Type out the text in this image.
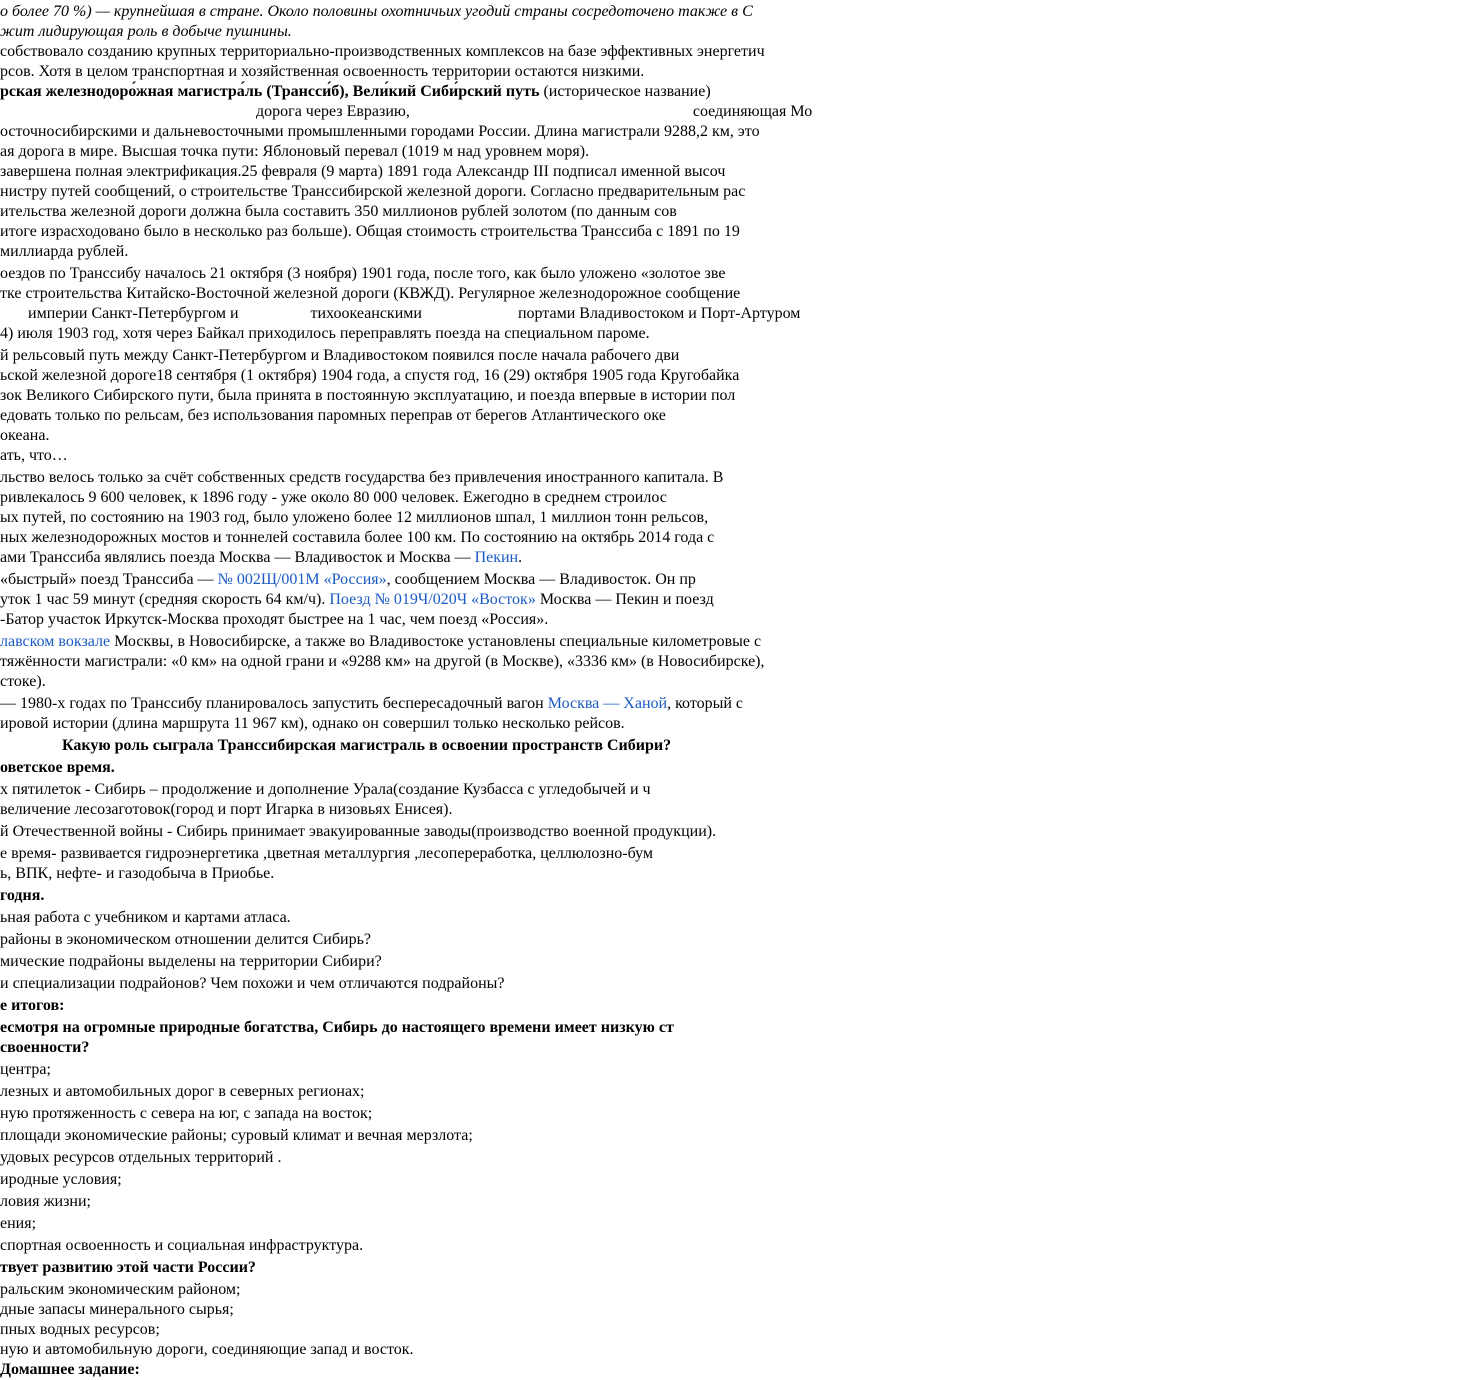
о более 70 %) — крупнейшая в стране. Около половины охотничьих угодий страны сосредоточено также в С
жит лидирующая роль в добыче пушнины.
собствовало созданию крупных территориально-производственных комплексов на базе эффективных энергетич
рсов. Хотя в целом транспортная и хозяйственная освоенность территории остаются низкими.
рская железнодоро́жная магистра́ль (Трансси́б), Вели́кий Сиби́рский путь (историческое название)
дорога через Евразию,	соединяющая Мо
осточносибирскими и дальневосточными промышленными городами России. Длина магистрали 9288,2 км, это
ая дорога в мире. Высшая точка пути: Яблоновый перевал (1019 м над уровнем моря).
завершена полная электрификация.25 февраля (9 марта) 1891 года Александр III подписал именной высоч
нистру путей сообщений, о строительстве Транссибирской железной дороги. Согласно предварительным рас
ительства железной дороги должна была составить 350 миллионов рублей золотом (по данным сов
итоге израсходовано было в несколько раз больше). Общая стоимость строительства Транссиба с 1891 по 19
миллиарда рублей.
оездов по Транссибу началось 21 октября (3 ноября) 1901 года, после того, как было уложено «золотое зве
тке строительства Китайско-Восточной железной дороги (КВЖД). Регулярное железнодорожное сообщение
империи Санкт-Петербургом и	тихоокеанскими	портами Владивостоком и Порт-Артуром
4) июля 1903 год, хотя через Байкал приходилось переправлять поезда на специальном пароме.
й рельсовый путь между Санкт-Петербургом и Владивостоком появился после начала рабочего дви
ьской железной дороге18 сентября (1 октября) 1904 года, а спустя год, 16 (29) октября 1905 года Кругобайка
зок Великого Сибирского пути, была принята в постоянную эксплуатацию, и поезда впервые в истории пол
едовать только по рельсам, без использования паромных переправ от берегов Атлантического оке
океана.
ать, что…
льство велось только за счёт собственных средств государства без привлечения иностранного капитала. В
ривлекалось 9 600 человек, к 1896 году - уже около 80 000 человек. Ежегодно в среднем строилос
ых путей, по состоянию на 1903 год, было уложено более 12 миллионов шпал, 1 миллион тонн рельсов,
ных железнодорожных мостов и тоннелей составила более 100 км. По состоянию на октябрь 2014 года с
ами Транссиба являлись поезда Москва — Владивосток и Москва — Пекин.
«быстрый» поезд Транссиба — № 002Щ/001М «Россия», сообщением Москва — Владивосток. Он пр
уток 1 час 59 минут (средняя скорость 64 км/ч). Поезд № 019Ч/020Ч «Восток» Москва — Пекин и поезд
-Батор участок Иркутск-Москва проходят быстрее на 1 час, чем поезд «Россия».
лавском вокзале Москвы, в Новосибирске, а также во Владивостоке установлены специальные километровые с
тяжённости магистрали: «0 км» на одной грани и «9288 км» на другой (в Москве), «3336 км» (в Новосибирске),
стоке).
— 1980-х годах по Транссибу планировалось запустить беспересадочный вагон Москва — Ханой, который с
ировой истории (длина маршрута 11 967 км), однако он совершил только несколько рейсов.
Какую роль сыграла Транссибирская магистраль в освоении пространств Сибири?
оветское время.
х пятилеток - Сибирь – продолжение и дополнение Урала(создание Кузбасса с угледобычей и ч
величение лесозаготовок(город и порт Игарка в низовьях Енисея).
й Отечественной войны - Сибирь принимает эвакуированные заводы(производство военной продукции).
е время- развивается гидроэнергетика ,цветная металлургия ,лесопереработка, целлюлозно-бум
ь, ВПК, нефте- и газодобыча в Приобье.
годня.
ьная работа с учебником и картами атласа.
районы в экономическом отношении делится Сибирь?
мические подрайоны выделены на территории Сибири?
и специализации подрайонов? Чем похожи и чем отличаются подрайоны?
е итогов:
есмотря на огромные природные богатства, Сибирь до настоящего времени имеет низкую ст
своенности?
центра;
лезных и автомобильных дорог в северных регионах;
ную протяженность с севера на юг, с запада на восток;
площади экономические районы; суровый климат и вечная мерзлота;
удовых ресурсов отдельных территорий .
иродные условия;
ловия жизни;
ения;
спортная освоенность и социальная инфраструктура.
твует развитию этой части России?
ральским экономическим районом;
дные запасы минерального сырья;
пных водных ресурсов;
ную и автомобильную дороги, соединяющие запад и восток.
Домашнее задание:
